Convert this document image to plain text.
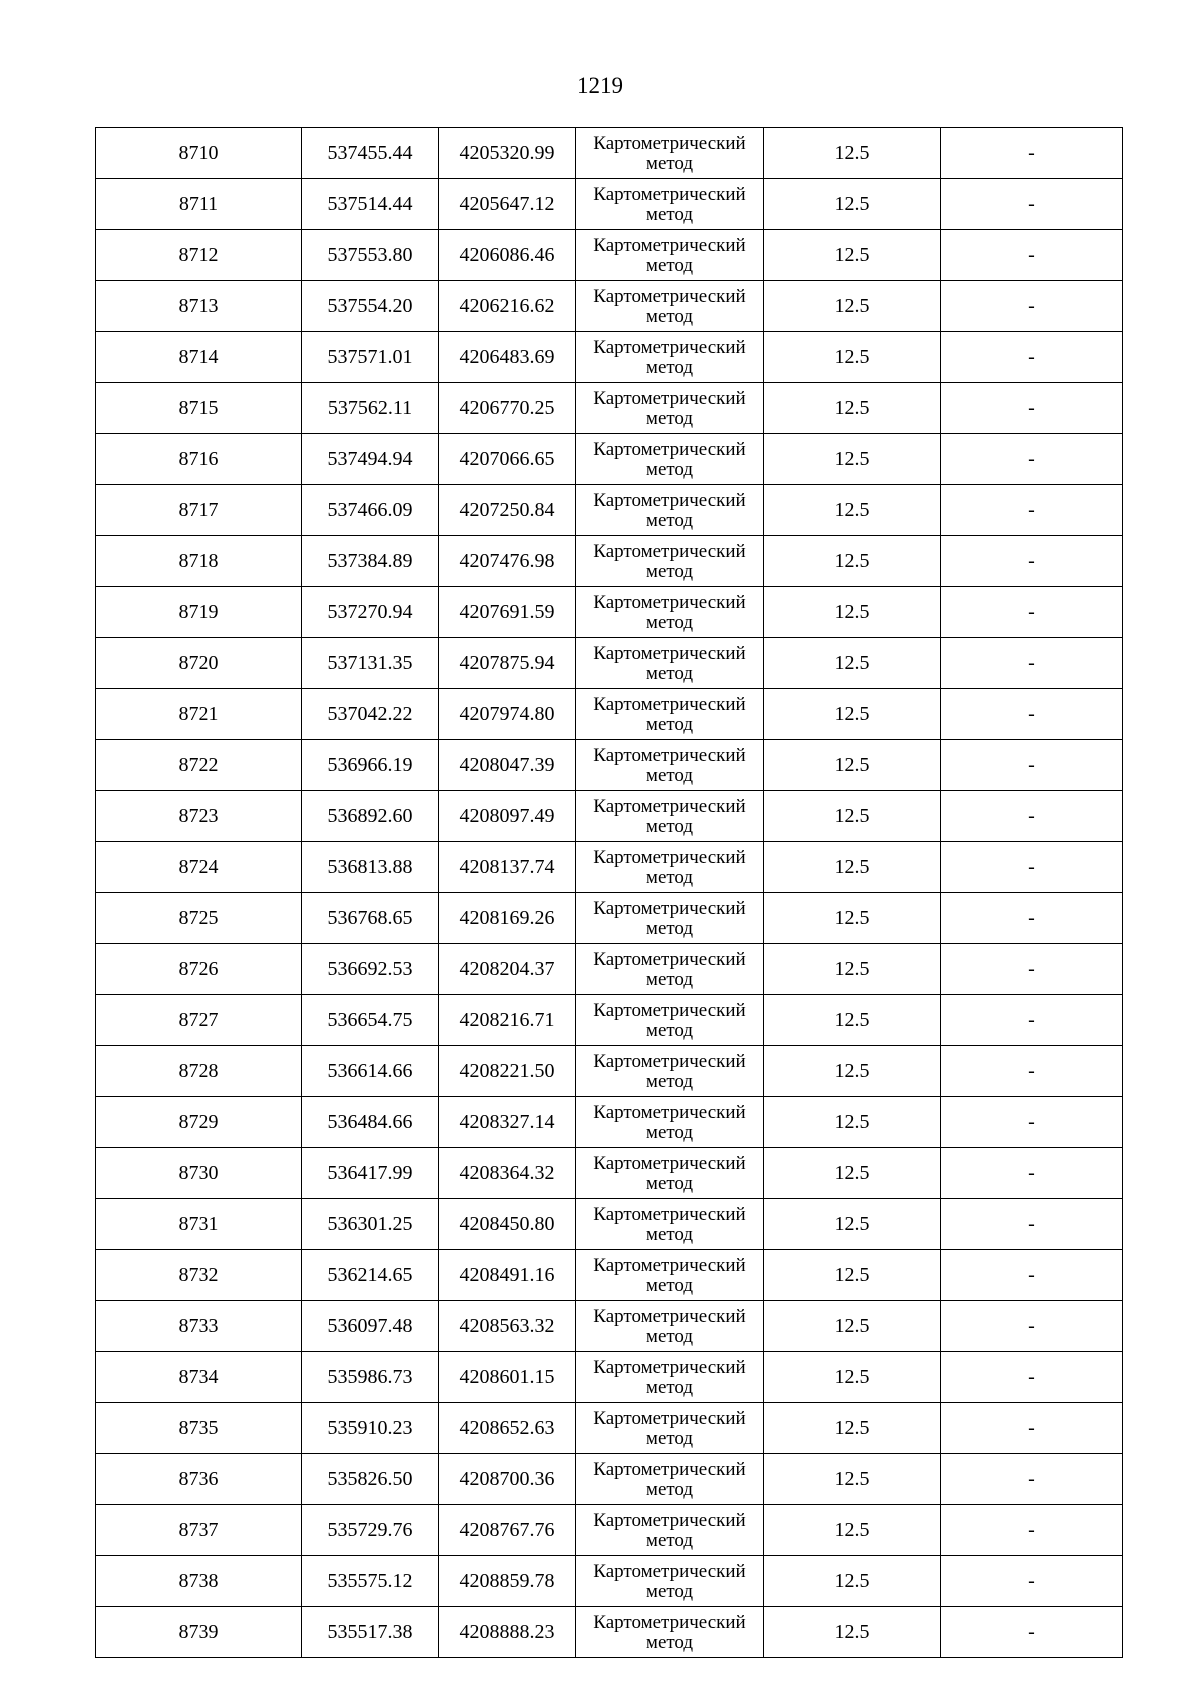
1219
8710	537455.44	4205320.99	Картометрический метод	12.5	-
8711	537514.44	4205647.12	Картометрический метод	12.5	-
8712	537553.80	4206086.46	Картометрический метод	12.5	-
8713	537554.20	4206216.62	Картометрический метод	12.5	-
8714	537571.01	4206483.69	Картометрический метод	12.5	-
8715	537562.11	4206770.25	Картометрический метод	12.5	-
8716	537494.94	4207066.65	Картометрический метод	12.5	-
8717	537466.09	4207250.84	Картометрический метод	12.5	-
8718	537384.89	4207476.98	Картометрический метод	12.5	-
8719	537270.94	4207691.59	Картометрический метод	12.5	-
8720	537131.35	4207875.94	Картометрический метод	12.5	-
8721	537042.22	4207974.80	Картометрический метод	12.5	-
8722	536966.19	4208047.39	Картометрический метод	12.5	-
8723	536892.60	4208097.49	Картометрический метод	12.5	-
8724	536813.88	4208137.74	Картометрический метод	12.5	-
8725	536768.65	4208169.26	Картометрический метод	12.5	-
8726	536692.53	4208204.37	Картометрический метод	12.5	-
8727	536654.75	4208216.71	Картометрический метод	12.5	-
8728	536614.66	4208221.50	Картометрический метод	12.5	-
8729	536484.66	4208327.14	Картометрический метод	12.5	-
8730	536417.99	4208364.32	Картометрический метод	12.5	-
8731	536301.25	4208450.80	Картометрический метод	12.5	-
8732	536214.65	4208491.16	Картометрический метод	12.5	-
8733	536097.48	4208563.32	Картометрический метод	12.5	-
8734	535986.73	4208601.15	Картометрический метод	12.5	-
8735	535910.23	4208652.63	Картометрический метод	12.5	-
8736	535826.50	4208700.36	Картометрический метод	12.5	-
8737	535729.76	4208767.76	Картометрический метод	12.5	-
8738	535575.12	4208859.78	Картометрический метод	12.5	-
8739	535517.38	4208888.23	Картометрический метод	12.5	-
